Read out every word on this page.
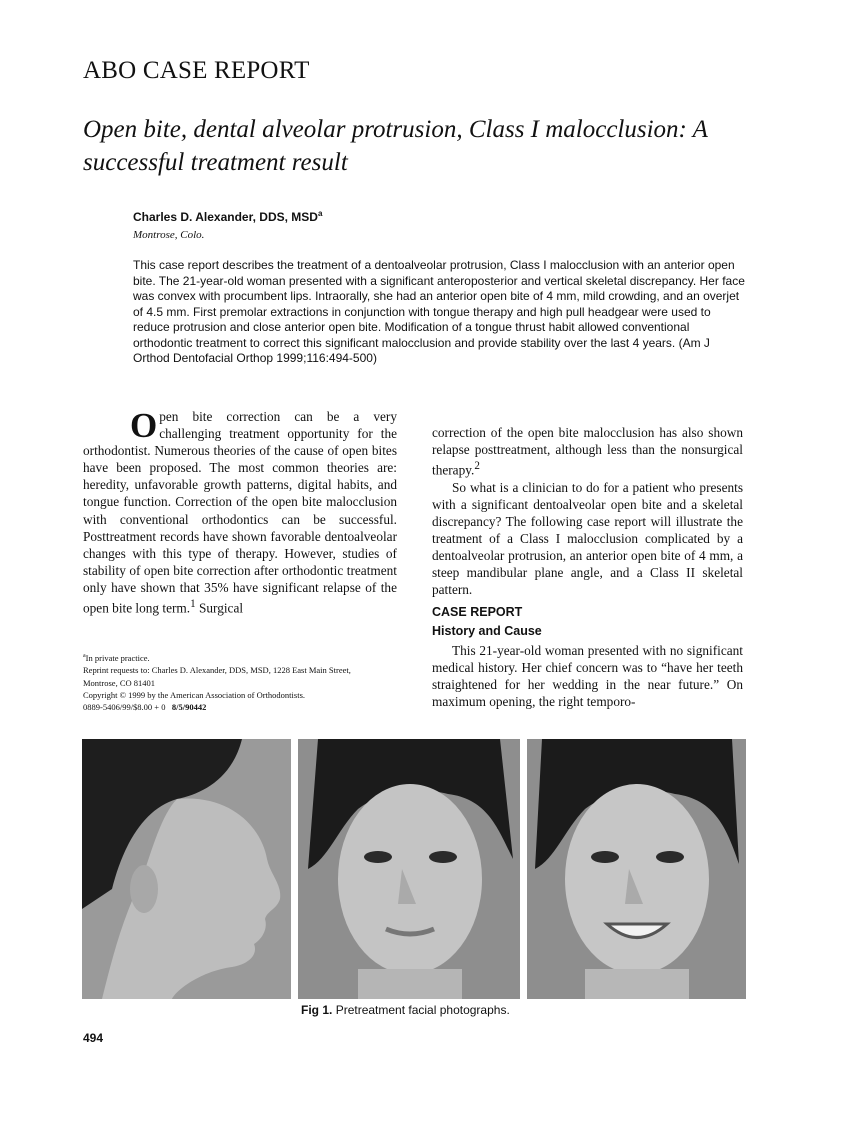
ABO CASE REPORT
Open bite, dental alveolar protrusion, Class I malocclusion: A successful treatment result
Charles D. Alexander, DDS, MSD$^a$
Montrose, Colo.
This case report describes the treatment of a dentoalveolar protrusion, Class I malocclusion with an anterior open bite. The 21-year-old woman presented with a significant anteroposterior and vertical skeletal discrepancy. Her face was convex with procumbent lips. Intraorally, she had an anterior open bite of 4 mm, mild crowding, and an overjet of 4.5 mm. First premolar extractions in conjunction with tongue therapy and high pull headgear were used to reduce protrusion and close anterior open bite. Modification of a tongue thrust habit allowed conventional orthodontic treatment to correct this significant malocclusion and provide stability over the last 4 years. (Am J Orthod Dentofacial Orthop 1999;116:494-500)

Open bite correction can be a very challenging treatment opportunity for the orthodontist. Numerous theories of the cause of open bites have been proposed. The most common theories are: heredity, unfavorable growth patterns, digital habits, and tongue function. Correction of the open bite malocclusion with conventional orthodontics can be successful. Posttreatment records have shown favorable dentoalveolar changes with this type of therapy. However, studies of stability of open bite correction after orthodontic treatment only have shown that 35% have significant relapse of the open bite long term.$^1$ Surgical

correction of the open bite malocclusion has also shown relapse posttreatment, although less than the nonsurgical therapy.$^2$

So what is a clinician to do for a patient who presents with a significant dentoalveolar open bite and a skeletal discrepancy? The following case report will illustrate the treatment of a Class I malocclusion complicated by a dentoalveolar protrusion, an anterior open bite of 4 mm, a steep mandibular plane angle, and a Class II skeletal pattern.

CASE REPORT
History and Cause

This 21-year-old woman presented with no significant medical history. Her chief concern was to “have her teeth straightened for her wedding in the near future.” On maximum opening, the right temporo-

$^a$In private practice.
Reprint requests to: Charles D. Alexander, DDS, MSD, 1228 East Main Street,
Montrose, CO 81401
Copyright © 1999 by the American Association of Orthodontists.
0889-5406/99/$8.00 + 0 8/5/90442
Fig 1. Pretreatment facial photographs.
494
